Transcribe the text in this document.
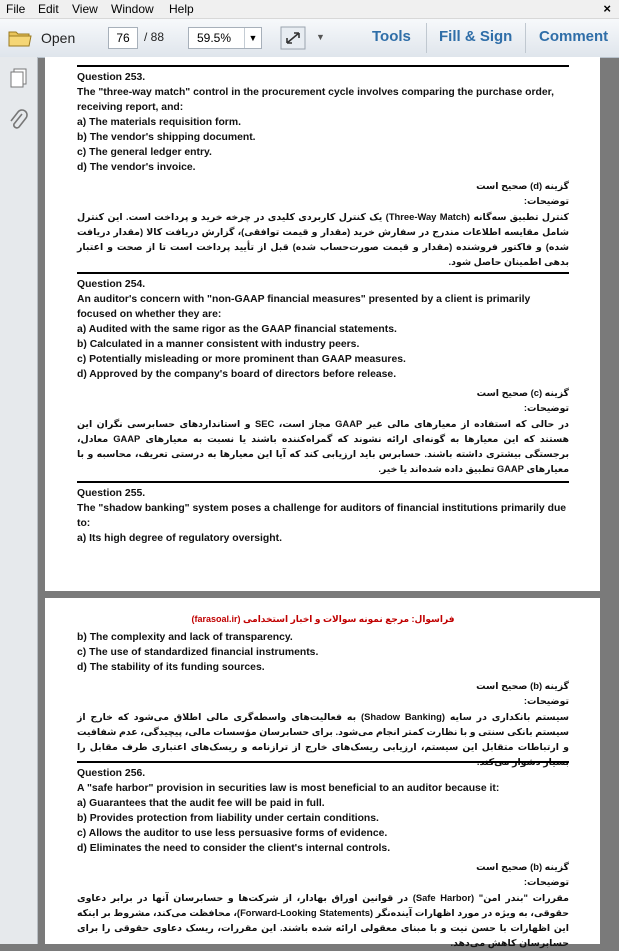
File Edit View Window Help	×
Open	76	/ 88	59.5%	▼	▼	Tools Fill & Sign Comment
Question 253.
The "three-way match" control in the procurement cycle involves comparing the purchase order, receiving report, and:
a) The materials requisition form.
b) The vendor's shipping document.
c) The general ledger entry.
d) The vendor's invoice.
گزینه (d) صحیح است
توضیحات:
کنترل تطبیق سه‌گانه (Three-Way Match) یک کنترل کاربردی کلیدی در چرخه خرید و پرداخت است. این کنترل شامل مقایسه اطلاعات مندرج در سفارش خرید (مقدار و قیمت توافقی)، گزارش دریافت کالا (مقدار دریافت شده) و فاکتور فروشنده (مقدار و قیمت صورت‌حساب شده) قبل از تأیید پرداخت است تا از صحت و اعتبار بدهی اطمینان حاصل شود.
Question 254.
An auditor's concern with "non-GAAP financial measures" presented by a client is primarily focused on whether they are:
a) Audited with the same rigor as the GAAP financial statements.
b) Calculated in a manner consistent with industry peers.
c) Potentially misleading or more prominent than GAAP measures.
d) Approved by the company's board of directors before release.
گزینه (c) صحیح است
توضیحات:
در حالی که استفاده از معیارهای مالی غیر GAAP مجاز است، SEC و استانداردهای حسابرسی نگران این هستند که این معیارها به گونه‌ای ارائه نشوند که گمراه‌کننده باشند یا نسبت به معیارهای GAAP معادل، برجستگی بیشتری داشته باشند. حسابرس باید ارزیابی کند که آیا این معیارها به درستی تعریف، محاسبه و با معیارهای GAAP تطبیق داده شده‌اند یا خیر.
Question 255.
The "shadow banking" system poses a challenge for auditors of financial institutions primarily due to:
a) Its high degree of regulatory oversight.
فراسوال: مرجع نمونه سوالات و اخبار استخدامی (farasoal.ir)
b) The complexity and lack of transparency.
c) The use of standardized financial instruments.
d) The stability of its funding sources.
گزینه (b) صحیح است
توضیحات:
سیستم بانکداری در سایه (Shadow Banking) به فعالیت‌های واسطه‌گری مالی اطلاق می‌شود که خارج از سیستم بانکی سنتی و با نظارت کمتر انجام می‌شود. برای حسابرسان مؤسسات مالی، پیچیدگی، عدم شفافیت و ارتباطات متقابل این سیستم، ارزیابی ریسک‌های خارج از ترازنامه و ریسک‌های اعتباری طرف مقابل را
Question 256.
A "safe harbor" provision in securities law is most beneficial to an auditor because it:
a) Guarantees that the audit fee will be paid in full.
b) Provides protection from liability under certain conditions.
c) Allows the auditor to use less persuasive forms of evidence.
d) Eliminates the need to consider the client's internal controls.
گزینه (b) صحیح است
توضیحات:
مقررات "بندر امن" (Safe Harbor) در قوانین اوراق بهادار، از شرکت‌ها و حسابرسان آنها در برابر دعاوی حقوقی، به ویژه در مورد اظهارات آینده‌نگر (Forward-Looking Statements)، محافظت می‌کند، مشروط بر اینکه این اظهارات با حسن نیت و با مبنای معقولی ارائه شده باشند. این مقررات، ریسک دعاوی حقوقی را برای حسابرسان کاهش می‌دهد.
